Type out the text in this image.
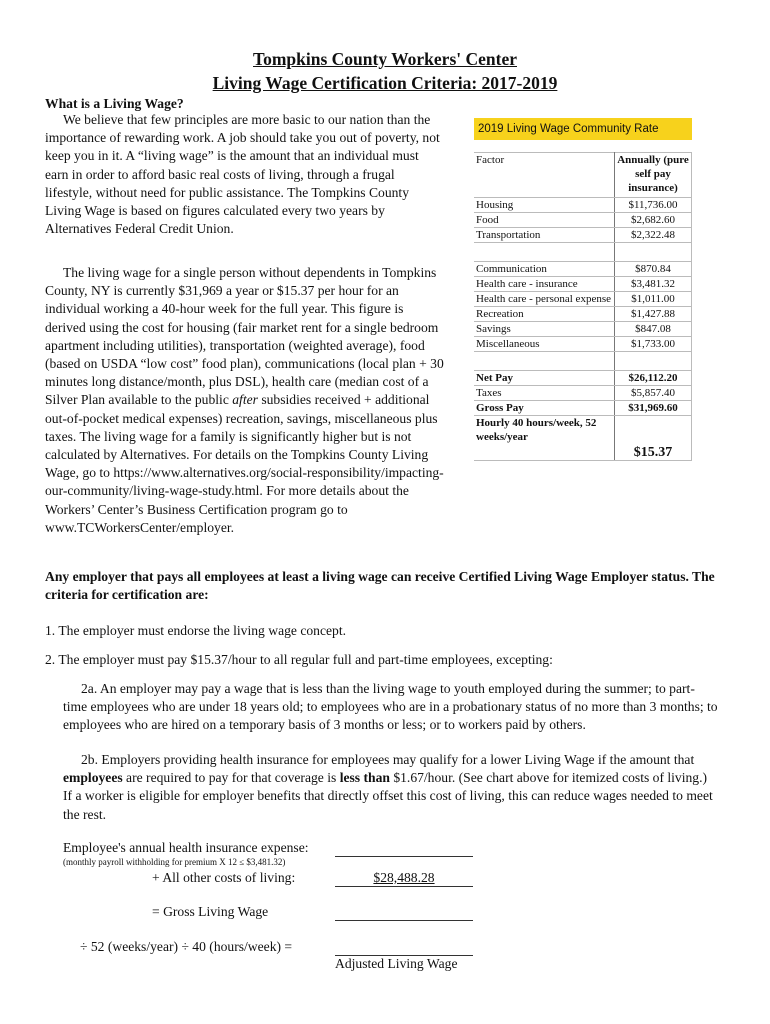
Tompkins County Workers' Center
Living Wage Certification Criteria: 2017-2019
What is a Living Wage?

We believe that few principles are more basic to our nation than the importance of rewarding work. A job should take you out of poverty, not keep you in it. A “living wage” is the amount that an individual must earn in order to afford basic real costs of living, through a frugal lifestyle, without need for public assistance. The Tompkins County Living Wage is based on figures calculated every two years by Alternatives Federal Credit Union.

The living wage for a single person without dependents in Tompkins County, NY is currently $31,969 a year or $15.37 per hour for an individual working a 40-hour week for the full year. This figure is derived using the cost for housing (fair market rent for a single bedroom apartment including utilities), transportation (weighted average), food (based on USDA “low cost” food plan), communications (local plan + 30 minutes long distance/month, plus DSL), health care (median cost of a Silver Plan available to the public after subsidies received + additional out-of-pocket medical expenses) recreation, savings, miscellaneous plus taxes. The living wage for a family is significantly higher but is not calculated by Alternatives. For details on the Tompkins County Living Wage, go to https://www.alternatives.org/social-responsibility/impacting-our-community/living-wage-study.html. For more details about the Workers’ Center’s Business Certification program go to www.TCWorkersCenter/employer.

2019 Living Wage Community Rate
Factor	Annually (pure self pay insurance)
Housing	$11,736.00
Food	$2,682.60
Transportation	$2,322.48

Communication	$870.84
Health care - insurance	$3,481.32
Health care - personal expense	$1,011.00
Recreation	$1,427.88
Savings	$847.08
Miscellaneous	$1,733.00

Net Pay	$26,112.20
Taxes	$5,857.40
Gross Pay	$31,969.60
Hourly 40 hours/week, 52 weeks/year	$15.37
Any employer that pays all employees at least a living wage can receive Certified Living Wage Employer status. The criteria for certification are:
1. The employer must endorse the living wage concept.
2. The employer must pay $15.37/hour to all regular full and part-time employees, excepting:

2a. An employer may pay a wage that is less than the living wage to youth employed during the summer; to part-time employees who are under 18 years old; to employees who are in a probationary status of no more than 3 months; to employees who are hired on a temporary basis of 3 months or less; or to workers paid by others.

2b. Employers providing health insurance for employees may qualify for a lower Living Wage if the amount that employees are required to pay for that coverage is less than $1.67/hour. (See chart above for itemized costs of living.) If a worker is eligible for employer benefits that directly offset this cost of living, this can reduce wages needed to meet the rest.

Employee's annual health insurance expense:
(monthly payroll withholding for premium X 12 ≤ $3,481.32)
+ All other costs of living:	$28,488.28
= Gross Living Wage
÷ 52 (weeks/year) ÷ 40 (hours/week) =
Adjusted Living Wage
